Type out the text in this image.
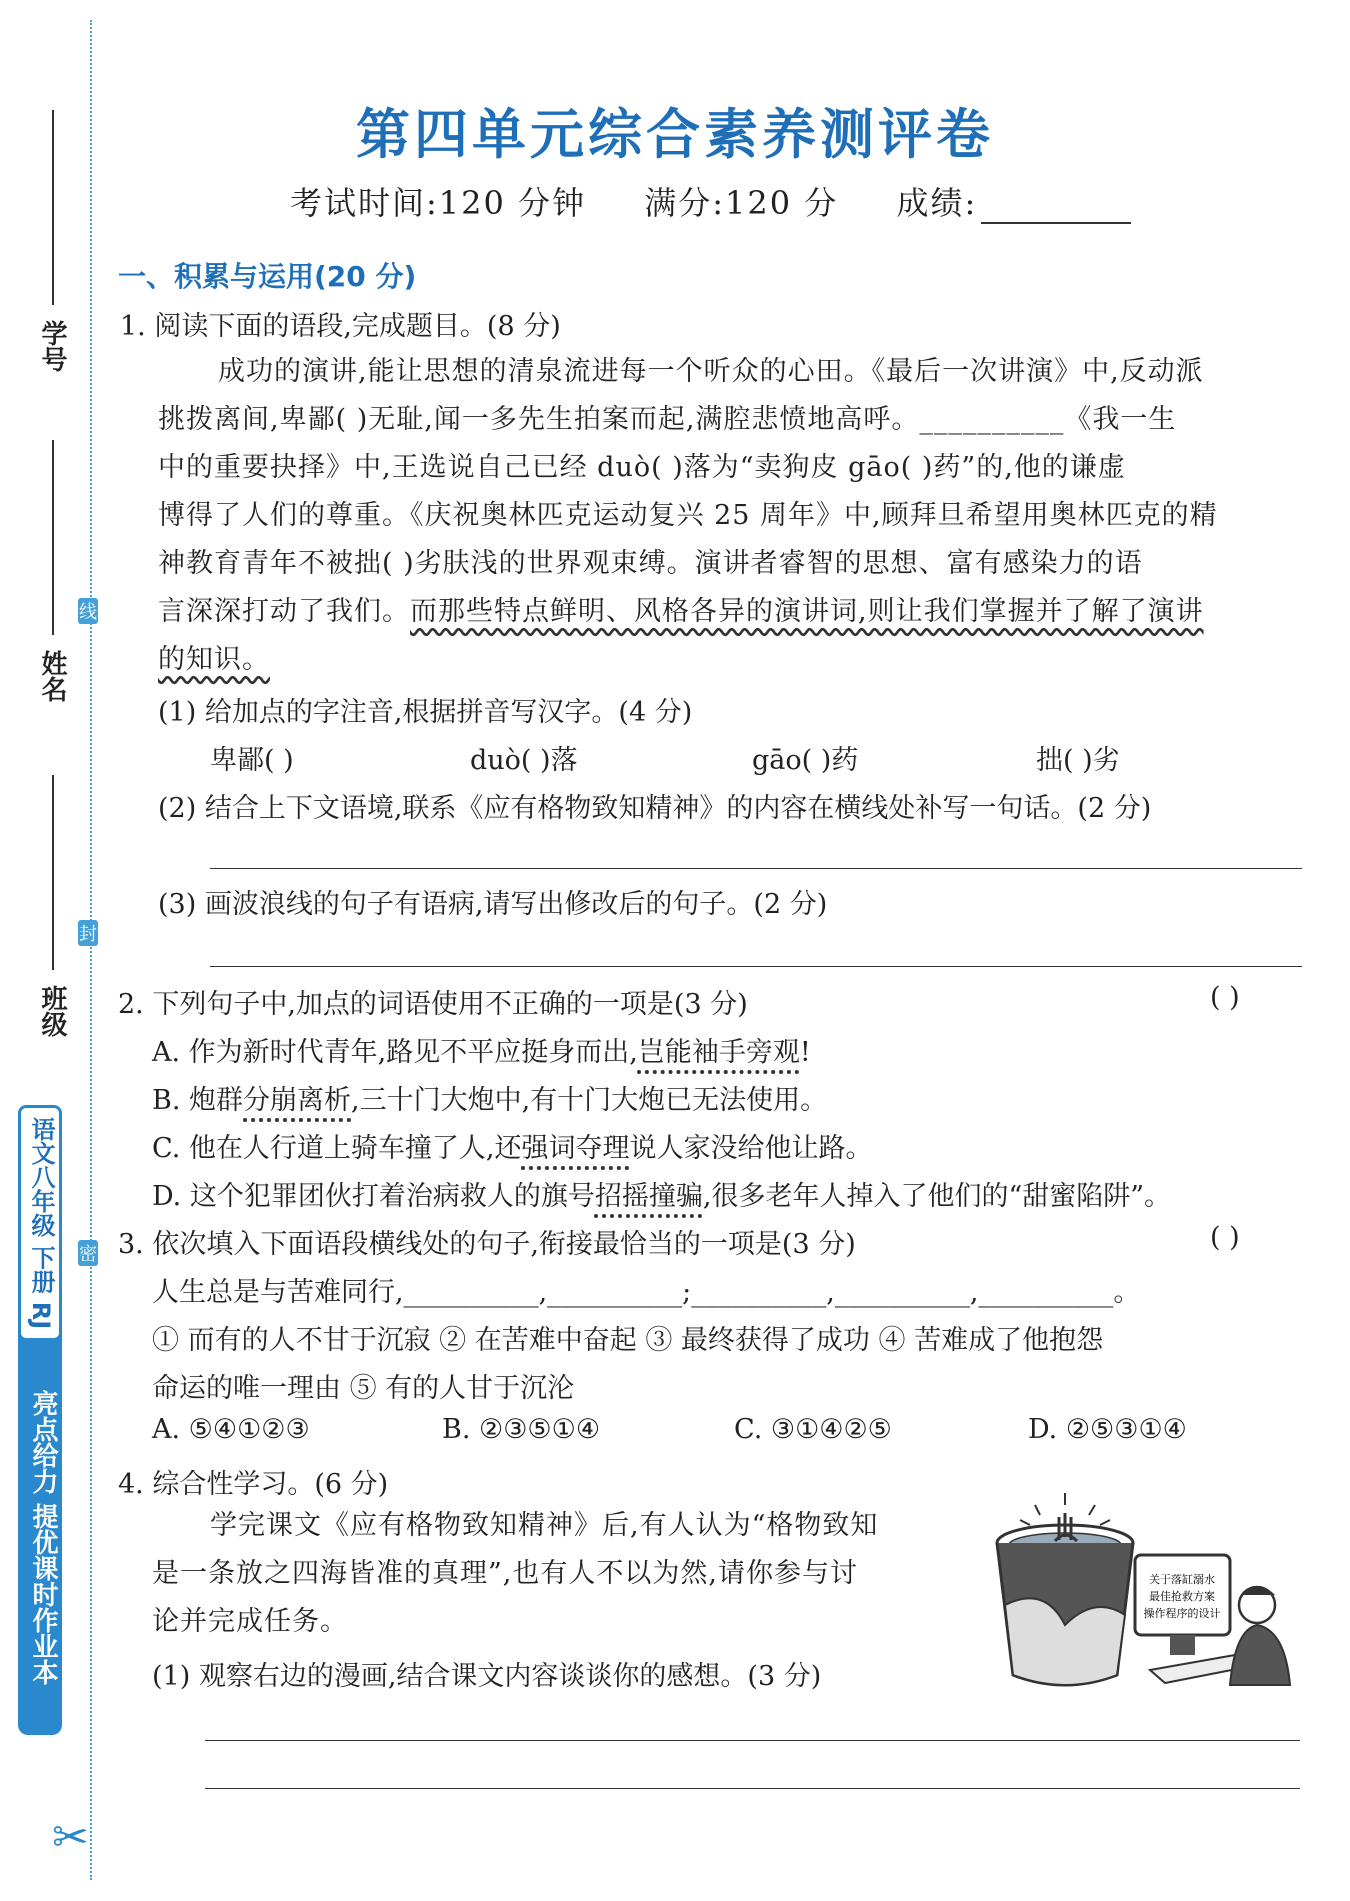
学号
姓名
班级
线
封
密
语文八年级 下册 RJ
亮点给力 提优课时作业本
✂
第四单元综合素养测评卷
考试时间:120 分钟 满分:120 分 成绩:
一、积累与运用(20 分)
1. 阅读下面的语段,完成题目。(8 分)
成功的演讲,能让思想的清泉流进每一个听众的心田。《最后一次讲演》中,反动派
挑拨离间,卑鄙( )无耻,闻一多先生拍案而起,满腔悲愤地高呼。__________《我一生
中的重要抉择》中,王选说自己已经 duò( )落为“卖狗皮 gāo( )药”的,他的谦虚
博得了人们的尊重。《庆祝奥林匹克运动复兴 25 周年》中,顾拜旦希望用奥林匹克的精
神教育青年不被拙( )劣肤浅的世界观束缚。演讲者睿智的思想、富有感染力的语
言深深打动了我们。而那些特点鲜明、风格各异的演讲词,则让我们掌握并了解了演讲
的知识。
(1) 给加点的字注音,根据拼音写汉字。(4 分)
卑鄙( )	duò( )落	gāo( )药	拙( )劣
(2) 结合上下文语境,联系《应有格物致知精神》的内容在横线处补写一句话。(2 分)
(3) 画波浪线的句子有语病,请写出修改后的句子。(2 分)
2. 下列句子中,加点的词语使用不正确的一项是(3 分)	( )
A. 作为新时代青年,路见不平应挺身而出,岂能袖手旁观!
B. 炮群分崩离析,三十门大炮中,有十门大炮已无法使用。
C. 他在人行道上骑车撞了人,还强词夺理说人家没给他让路。
D. 这个犯罪团伙打着治病救人的旗号招摇撞骗,很多老年人掉入了他们的“甜蜜陷阱”。
3. 依次填入下面语段横线处的句子,衔接最恰当的一项是(3 分)	( )
人生总是与苦难同行,__________,__________;__________,__________,__________。
① 而有的人不甘于沉寂 ② 在苦难中奋起 ③ 最终获得了成功 ④ 苦难成了他抱怨
命运的唯一理由 ⑤ 有的人甘于沉沦
A. ⑤④①②③	B. ②③⑤①④	C. ③①④②⑤	D. ②⑤③①④
4. 综合性学习。(6 分)
学完课文《应有格物致知精神》后,有人认为“格物致知
是一条放之四海皆准的真理”,也有人不以为然,请你参与讨
论并完成任务。
(1) 观察右边的漫画,结合课文内容谈谈你的感想。(3 分)
关于落缸溺水
最佳抢救方案
操作程序的设计
